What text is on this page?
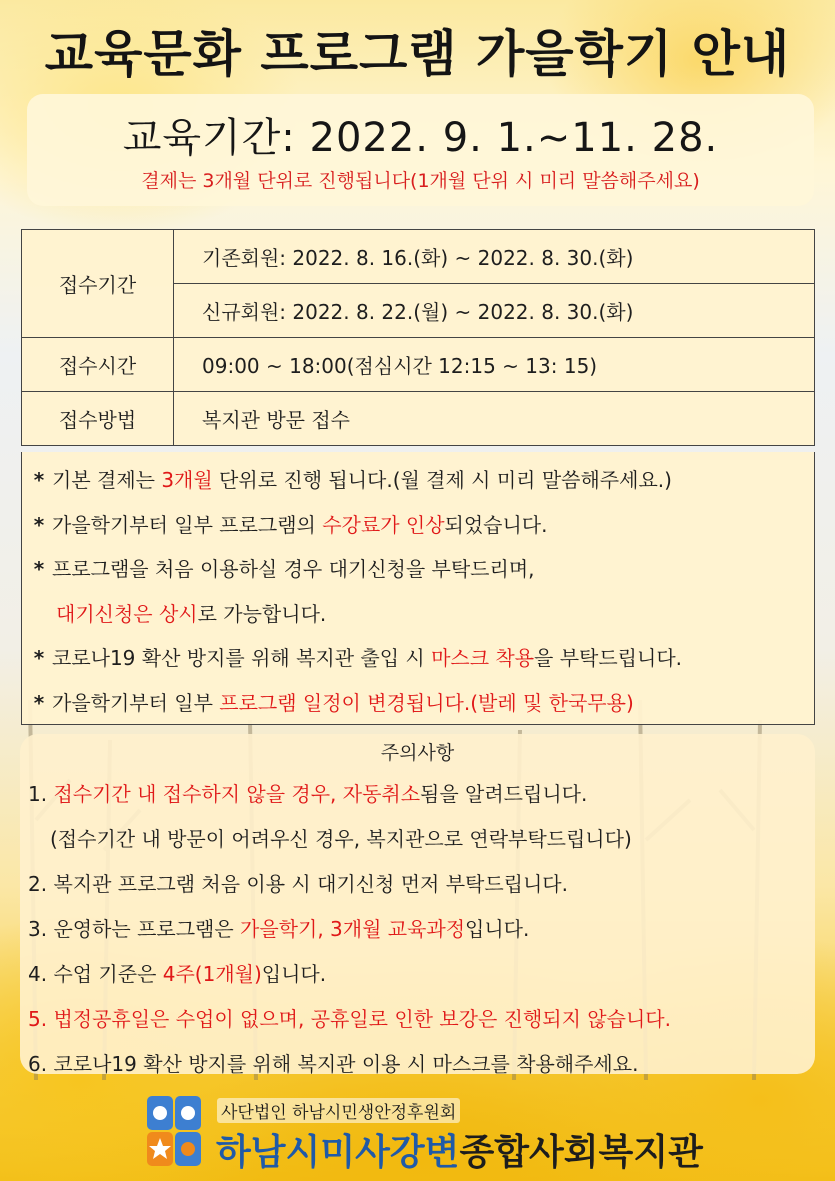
교육문화 프로그램 가을학기 안내
교육기간: 2022. 9. 1.~11. 28.
결제는 3개월 단위로 진행됩니다(1개월 단위 시 미리 말씀해주세요)
접수기간	기존회원: 2022. 8. 16.(화) ~ 2022. 8. 30.(화)
	신규회원: 2022. 8. 22.(월) ~ 2022. 8. 30.(화)
접수시간	09:00 ~ 18:00(점심시간 12:15 ~ 13: 15)
접수방법	복지관 방문 접수
* 기본 결제는 3개월 단위로 진행 됩니다.(월 결제 시 미리 말씀해주세요.)
* 가을학기부터 일부 프로그램의 수강료가 인상되었습니다.
* 프로그램을 처음 이용하실 경우 대기신청을 부탁드리며,
대기신청은 상시로 가능합니다.
* 코로나19 확산 방지를 위해 복지관 출입 시 마스크 착용을 부탁드립니다.
* 가을학기부터 일부 프로그램 일정이 변경됩니다.(발레 및 한국무용)
주의사항
1. 접수기간 내 접수하지 않을 경우, 자동취소됨을 알려드립니다.
(접수기간 내 방문이 어려우신 경우, 복지관으로 연락부탁드립니다)
2. 복지관 프로그램 처음 이용 시 대기신청 먼저 부탁드립니다.
3. 운영하는 프로그램은 가을학기, 3개월 교육과정입니다.
4. 수업 기준은 4주(1개월)입니다.
5. 법정공휴일은 수업이 없으며, 공휴일로 인한 보강은 진행되지 않습니다.
6. 코로나19 확산 방지를 위해 복지관 이용 시 마스크를 착용해주세요.
사단법인 하남시민생안정후원회
하남시미사강변종합사회복지관
